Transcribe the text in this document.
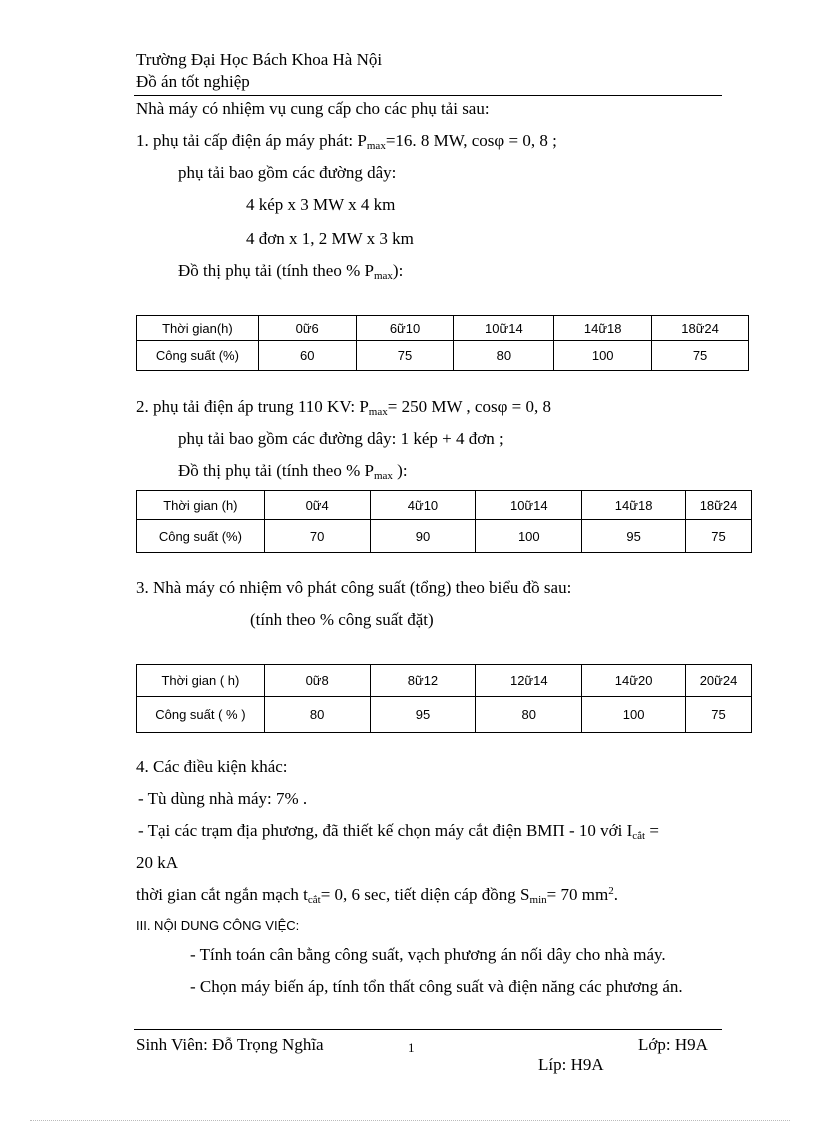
Trường Đại Học Bách Khoa Hà Nội
Đồ án tốt nghiệp
Nhà máy có nhiệm vụ cung cấp cho các phụ tải sau:
1. phụ tải cấp điện áp máy phát: $P_{max}=16$. 8 MW, cosφ = 0, 8 ;
phụ tải bao gồm các đường dây:
4 kép x 3 MW x 4 km
4 đơn x 1, 2 MW x 3 km
Đồ thị phụ tải (tính theo % $P_{max}$):
Thời gian(h)	0ữ6	6ữ10	10ữ14	14ữ18	18ữ24
Công suất (%)	60	75	80	100	75
2. phụ tải điện áp trung 110 KV: $P_{max}= 250$ MW , cosφ = 0, 8
phụ tải bao gồm các đường dây: 1 kép + 4 đơn ;
Đồ thị phụ tải (tính theo % $P_{max}$ ):
Thời gian (h)	0ữ4	4ữ10	10ữ14	14ữ18	18ữ24
Công suất (%)	70	90	100	95	75
3. Nhà máy có nhiệm vô phát công suất (tổng) theo biểu đồ sau:
(tính theo % công suất đặt)
Thời gian ( h)	0ữ8	8ữ12	12ữ14	14ữ20	20ữ24
Công suất ( % )	80	95	80	100	75
4. Các điều kiện khác:
- Tù dùng nhà máy: 7% .
- Tại các trạm địa phương, đã thiết kế chọn máy cắt điện BMΠ - 10 với $I_{cắt}$ =
20 kA
thời gian cắt ngắn mạch $t_{cắt}= 0$, 6 sec, tiết diện cáp đồng $S_{min}= 70$ $mm^2$.
III. NỘI DUNG CÔNG VIỆC:
- Tính toán cân bằng công suất, vạch phương án nối dây cho nhà máy.
- Chọn máy biến áp, tính tổn thất công suất và điện năng các phương án.
Sinh Viên: Đỗ Trọng Nghĩa	1	Lớp: H9A
Líp: H9A
